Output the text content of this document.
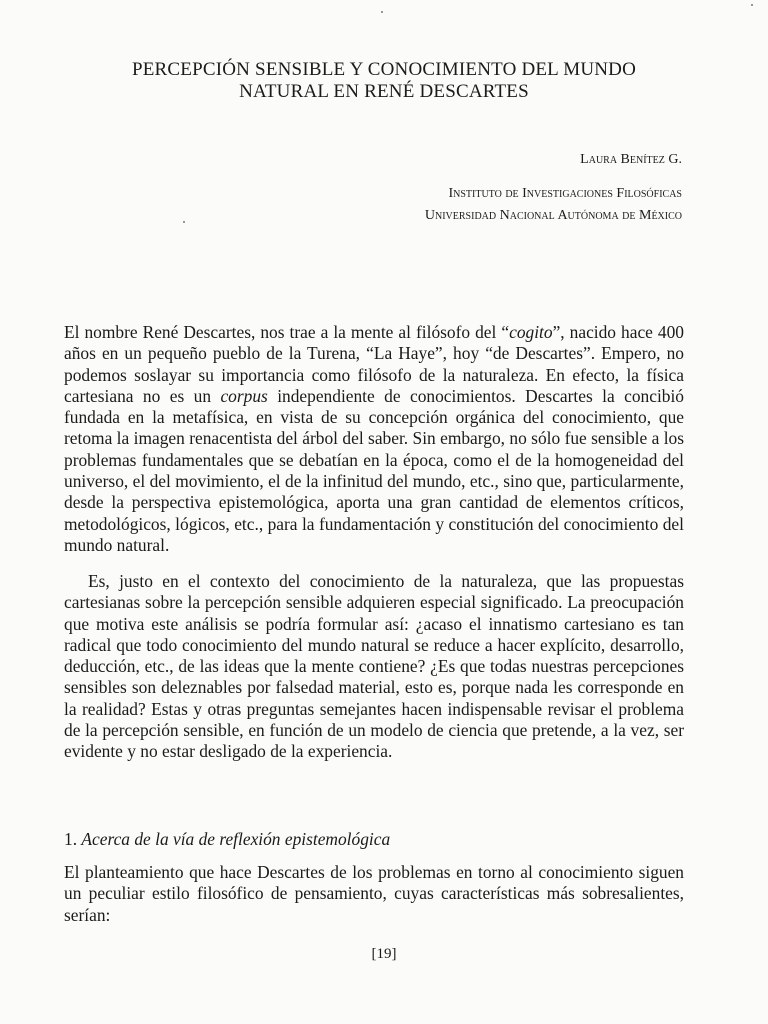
PERCEPCIÓN SENSIBLE Y CONOCIMIENTO DEL MUNDO
NATURAL EN RENÉ DESCARTES
Laura Benítez G.
Instituto de Investigaciones Filosóficas
Universidad Nacional Autónoma de México
El nombre René Descartes, nos trae a la mente al filósofo del “cogito”, nacido hace 400 años en un pequeño pueblo de la Turena, “La Haye”, hoy “de Descartes”. Empero, no podemos soslayar su importancia como filósofo de la naturaleza. En efecto, la física cartesiana no es un corpus independiente de conocimientos. Descartes la concibió fundada en la metafísica, en vista de su concepción orgánica del conocimiento, que retoma la imagen renacentista del árbol del saber. Sin embargo, no sólo fue sensible a los problemas fundamentales que se debatían en la época, como el de la homogeneidad del universo, el del movimiento, el de la infinitud del mundo, etc., sino que, particularmente, desde la perspectiva epistemológica, aporta una gran cantidad de elementos críticos, metodológicos, lógicos, etc., para la fundamentación y constitución del conocimiento del mundo natural.
Es, justo en el contexto del conocimiento de la naturaleza, que las propuestas cartesianas sobre la percepción sensible adquieren especial significado. La preocupación que motiva este análisis se podría formular así: ¿acaso el innatismo cartesiano es tan radical que todo conocimiento del mundo natural se reduce a hacer explícito, desarrollo, deducción, etc., de las ideas que la mente contiene? ¿Es que todas nuestras percepciones sensibles son deleznables por falsedad material, esto es, porque nada les corresponde en la realidad? Estas y otras preguntas semejantes hacen indispensable revisar el problema de la percepción sensible, en función de un modelo de ciencia que pretende, a la vez, ser evidente y no estar desligado de la experiencia.
1. Acerca de la vía de reflexión epistemológica
El planteamiento que hace Descartes de los problemas en torno al conocimiento siguen un peculiar estilo filosófico de pensamiento, cuyas características más sobresalientes, serían:
[19]
